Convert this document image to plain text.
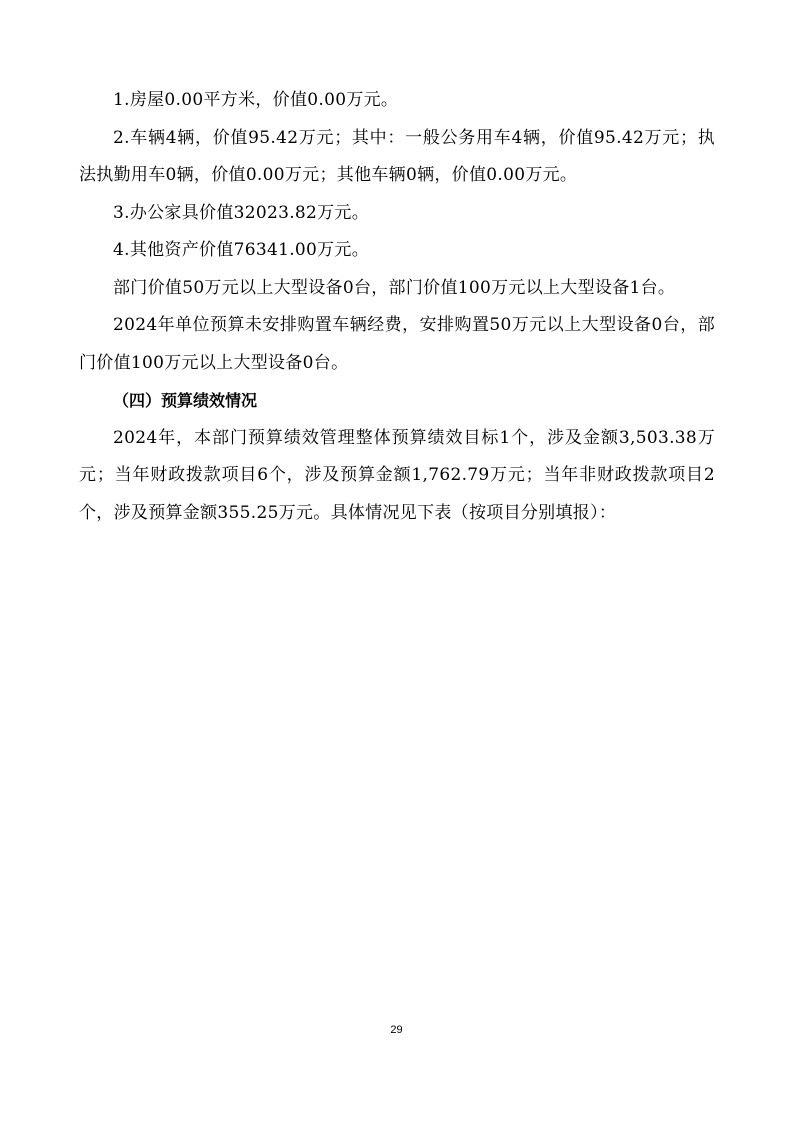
1.房屋0.00平方米，价值0.00万元。

2.车辆4辆，价值95.42万元；其中：一般公务用车4辆，价值95.42万元；执法执勤用车0辆，价值0.00万元；其他车辆0辆，价值0.00万元。

3.办公家具价值32023.82万元。

4.其他资产价值76341.00万元。

部门价值50万元以上大型设备0台，部门价值100万元以上大型设备1台。

2024年单位预算未安排购置车辆经费，安排购置50万元以上大型设备0台，部门价值100万元以上大型设备0台。

（四）预算绩效情况

2024年，本部门预算绩效管理整体预算绩效目标1个，涉及金额3,503.38万元；当年财政拨款项目6个，涉及预算金额1,762.79万元；当年非财政拨款项目2个，涉及预算金额355.25万元。具体情况见下表（按项目分别填报）：

29
